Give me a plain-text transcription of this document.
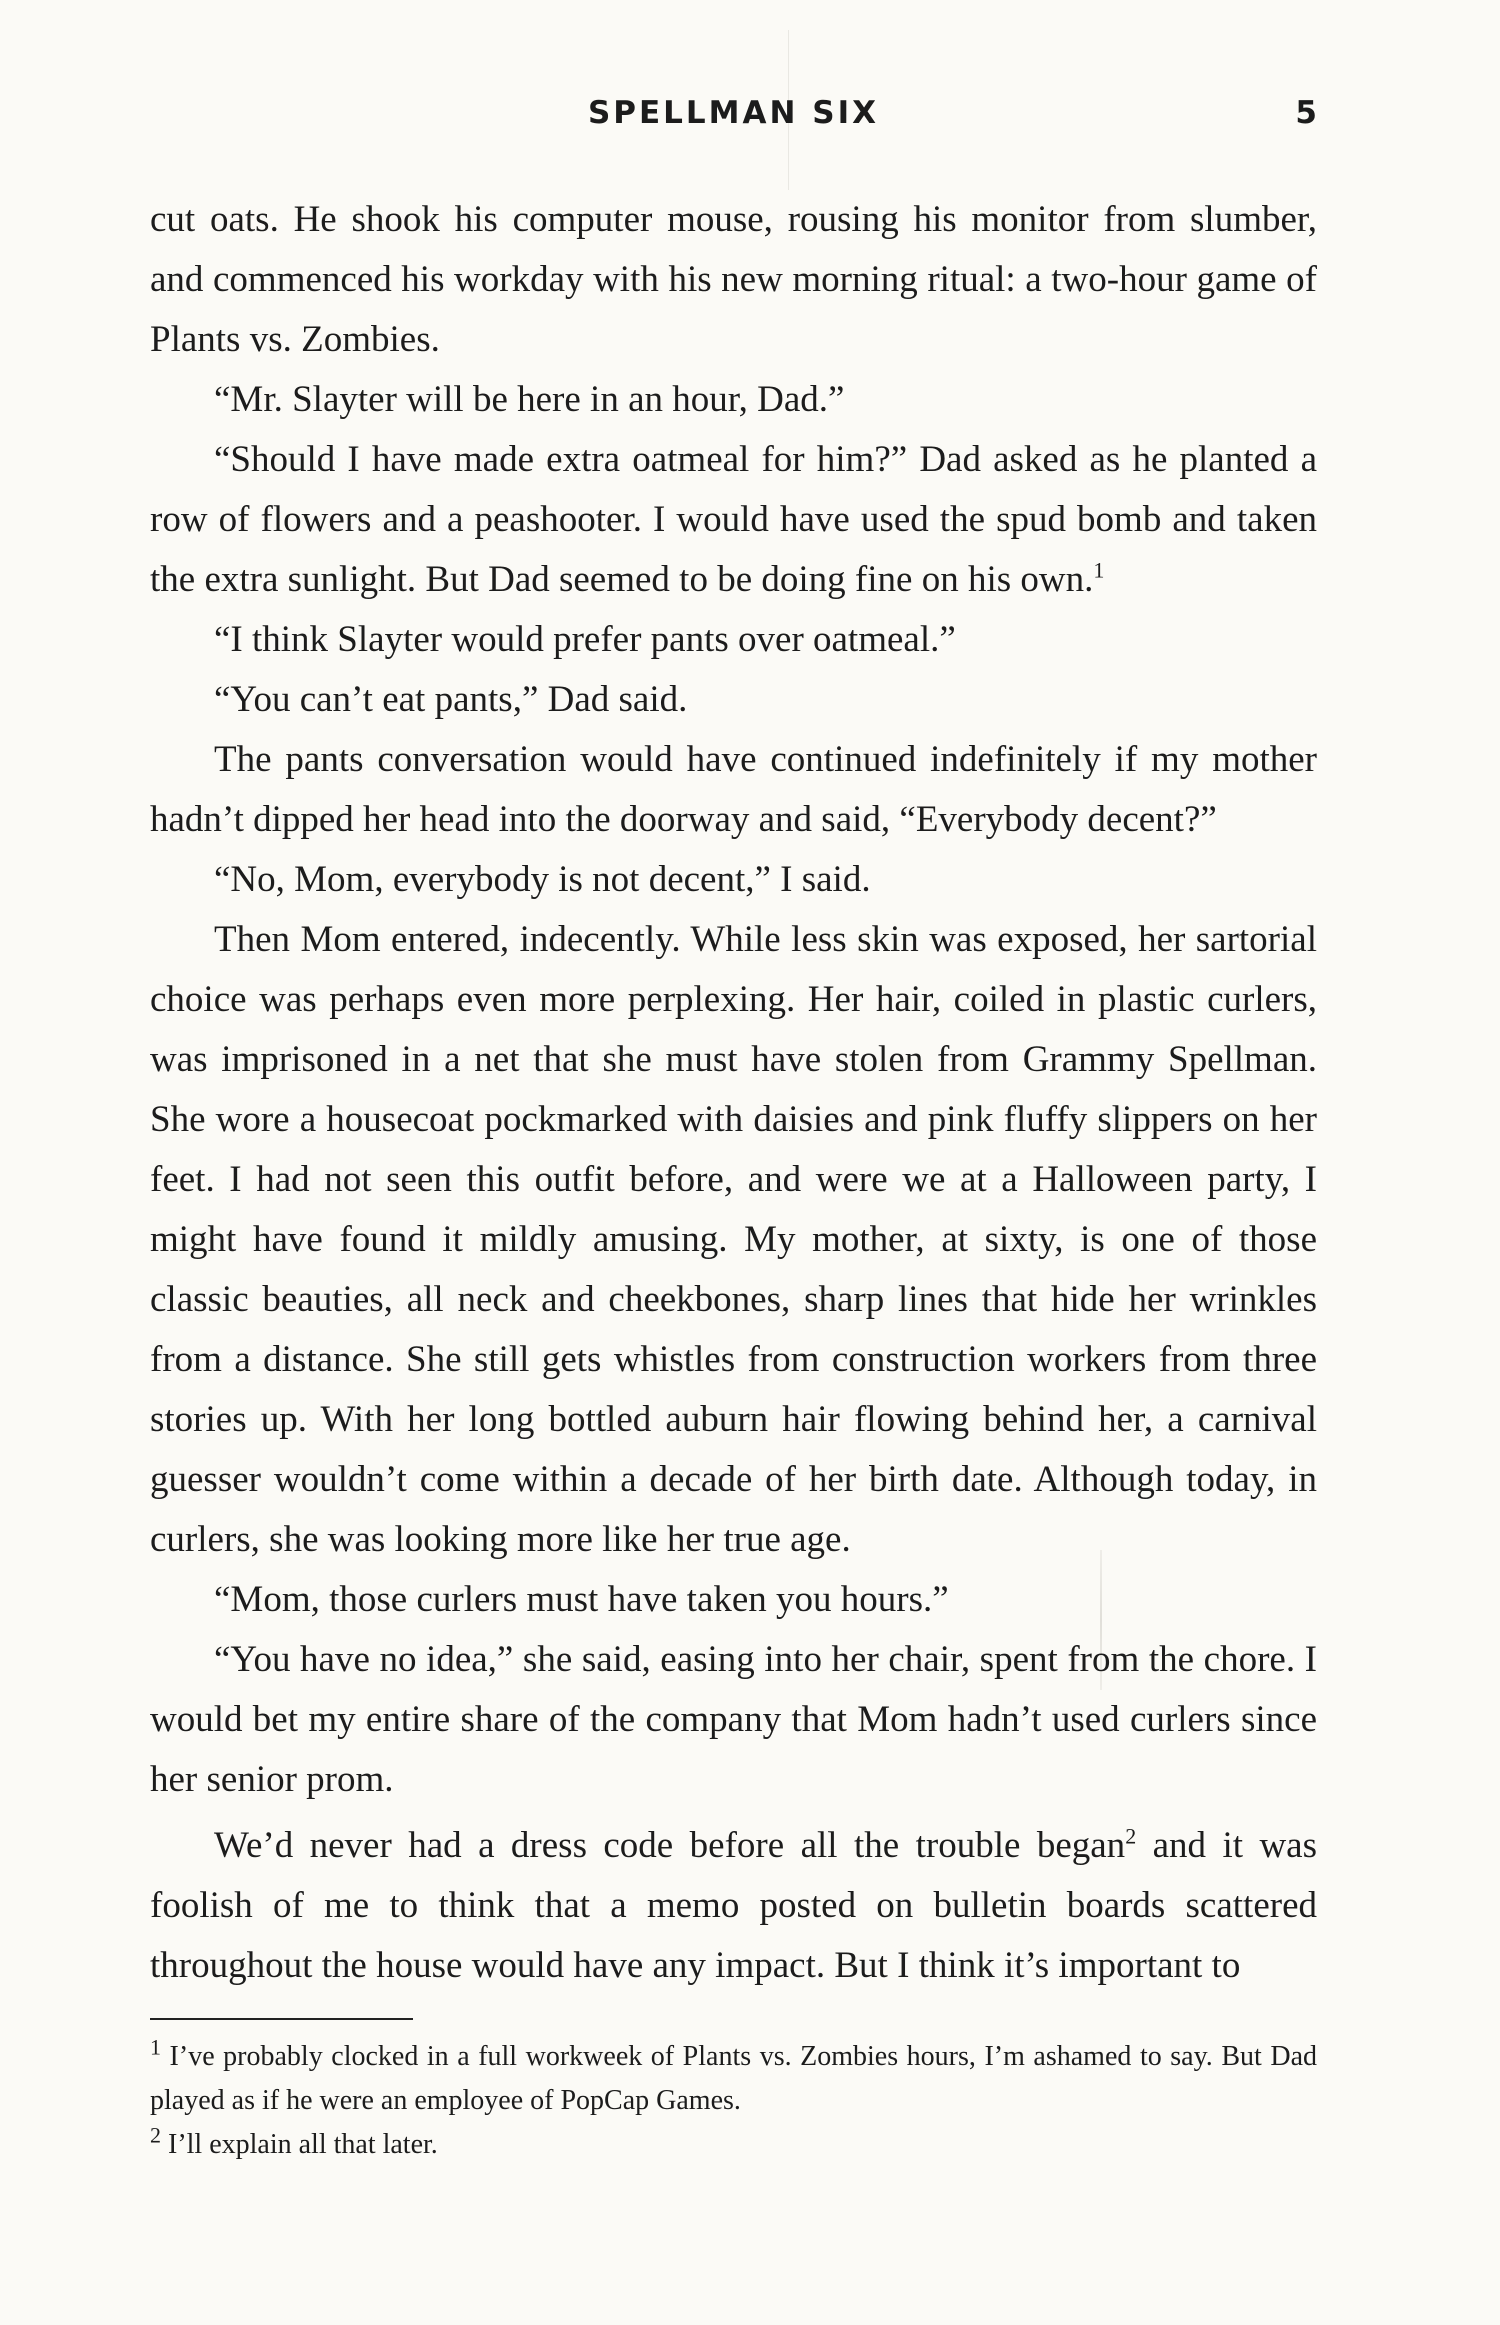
SPELLMAN SIX	5

cut oats. He shook his computer mouse, rousing his monitor from slumber, and commenced his workday with his new morning ritual: a two-hour game of Plants vs. Zombies.

“Mr. Slayter will be here in an hour, Dad.”

“Should I have made extra oatmeal for him?” Dad asked as he planted a row of flowers and a peashooter. I would have used the spud bomb and taken the extra sunlight. But Dad seemed to be doing fine on his own.$^1$

“I think Slayter would prefer pants over oatmeal.”

“You can’t eat pants,” Dad said.

The pants conversation would have continued indefinitely if my mother hadn’t dipped her head into the doorway and said, “Everybody decent?”

“No, Mom, everybody is not decent,” I said.

Then Mom entered, indecently. While less skin was exposed, her sartorial choice was perhaps even more perplexing. Her hair, coiled in plastic curlers, was imprisoned in a net that she must have stolen from Grammy Spellman. She wore a housecoat pockmarked with daisies and pink fluffy slippers on her feet. I had not seen this outfit before, and were we at a Halloween party, I might have found it mildly amusing. My mother, at sixty, is one of those classic beauties, all neck and cheekbones, sharp lines that hide her wrinkles from a distance. She still gets whistles from construction workers from three stories up. With her long bottled auburn hair flowing behind her, a carnival guesser wouldn’t come within a decade of her birth date. Although today, in curlers, she was looking more like her true age.

“Mom, those curlers must have taken you hours.”

“You have no idea,” she said, easing into her chair, spent from the chore. I would bet my entire share of the company that Mom hadn’t used curlers since her senior prom.

We’d never had a dress code before all the trouble began$^2$ and it was foolish of me to think that a memo posted on bulletin boards scattered throughout the house would have any impact. But I think it’s important to

$^1$ I’ve probably clocked in a full workweek of Plants vs. Zombies hours, I’m ashamed to say. But Dad played as if he were an employee of PopCap Games.

$^2$ I’ll explain all that later.
